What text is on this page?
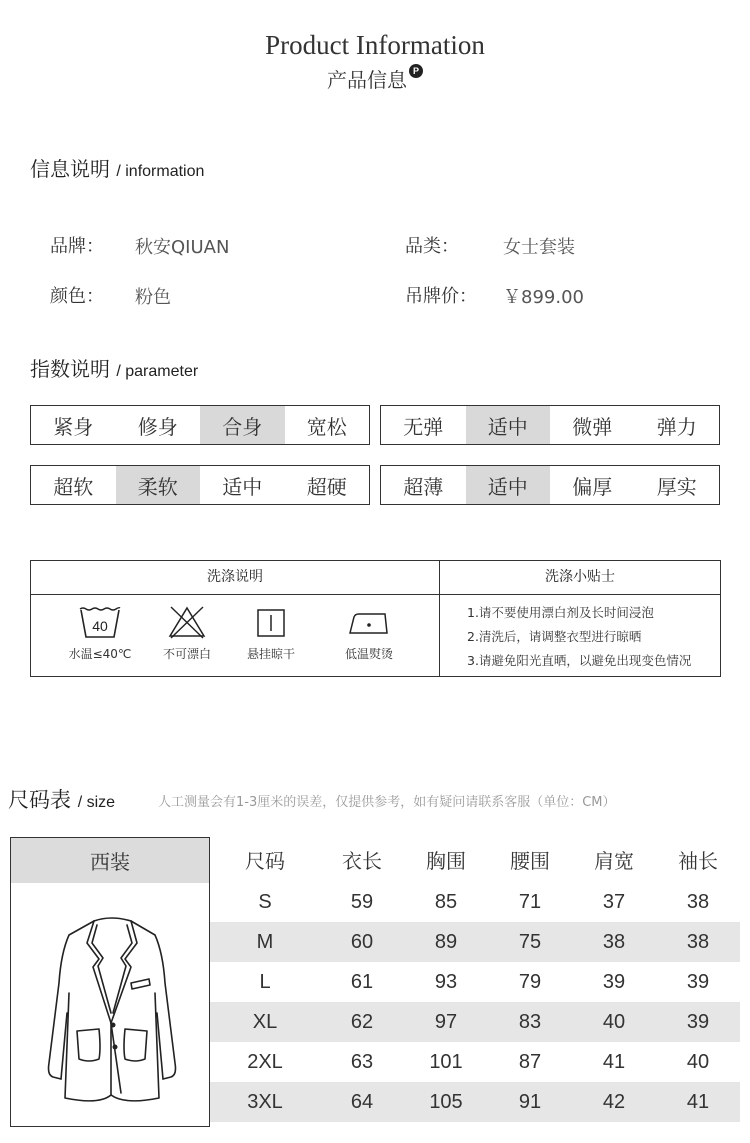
Product Information
产品信息 P
信息说明 / information
品牌： 秋安QIUAN	品类： 女士套装
颜色： 粉色	吊牌价： ￥899.00
指数说明 / parameter
紧身	修身	合身	宽松	无弹	适中	微弹	弹力
超软	柔软	适中	超硬	超薄	适中	偏厚	厚实
洗涤说明	洗涤小贴士
40
水温≤40℃	不可漂白	悬挂晾干	低温熨烫
1.请不要使用漂白剂及长时间浸泡
2.清洗后，请调整衣型进行晾晒
3.请避免阳光直晒，以避免出现变色情况
尺码表 / size	人工测量会有1-3厘米的误差，仅提供参考，如有疑问请联系客服（单位：CM）
西装	尺码	衣长	胸围	腰围	肩宽	袖长
S	59	85	71	37	38
M	60	89	75	38	38
L	61	93	79	39	39
XL	62	97	83	40	39
2XL	63	101	87	41	40
3XL	64	105	91	42	41
